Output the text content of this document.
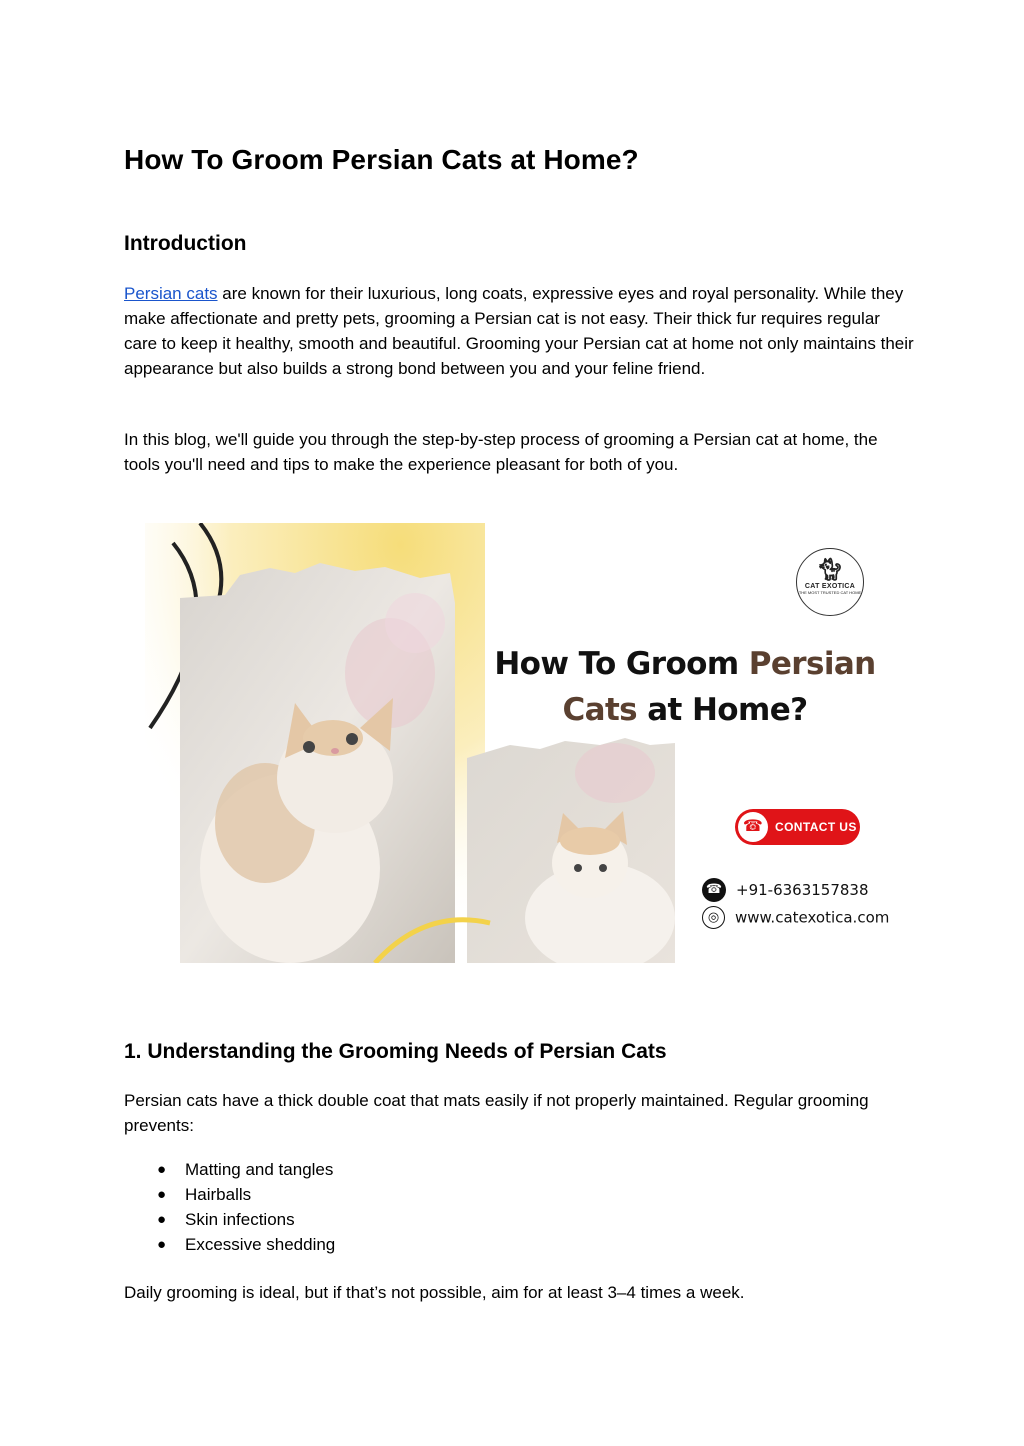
How To Groom Persian Cats at Home?
Introduction

Persian cats are known for their luxurious, long coats, expressive eyes and royal personality. While they make affectionate and pretty pets, grooming a Persian cat is not easy. Their thick fur requires regular care to keep it healthy, smooth and beautiful. Grooming your Persian cat at home not only maintains their appearance but also builds a strong bond between you and your feline friend.

In this blog, we'll guide you through the step-by-step process of grooming a Persian cat at home, the tools you'll need and tips to make the experience pleasant for both of you.

🐈︎
CAT EXOTICA
THE MOST TRUSTED CAT HOME
How To Groom Persian
Cats at Home?
☎ CONTACT US
☎ +91-6363157838
◎ www.catexotica.com
1. Understanding the Grooming Needs of Persian Cats

Persian cats have a thick double coat that mats easily if not properly maintained. Regular grooming prevents:

● Matting and tangles
● Hairballs
● Skin infections
● Excessive shedding

Daily grooming is ideal, but if that’s not possible, aim for at least 3–4 times a week.
